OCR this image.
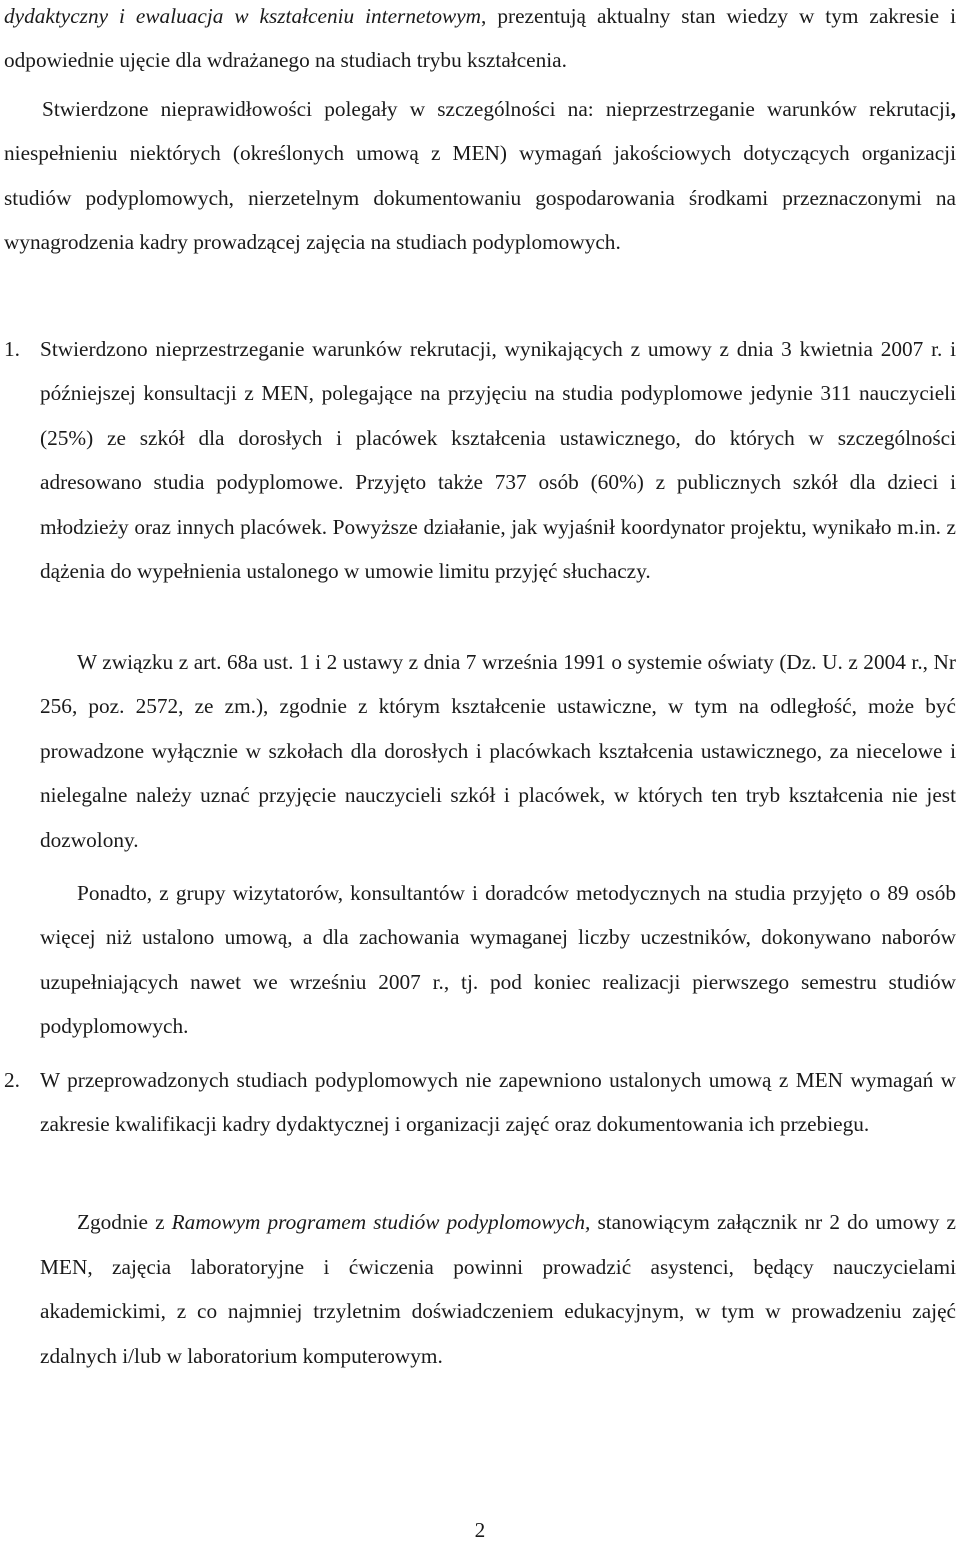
dydaktyczny i ewaluacja w kształceniu internetowym, prezentują aktualny stan wiedzy w tym zakresie i odpowiednie ujęcie dla wdrażanego na studiach trybu kształcenia.

Stwierdzone nieprawidłowości polegały w szczególności na: nieprzestrzeganie warunków rekrutacji, niespełnieniu niektórych (określonych umową z MEN) wymagań jakościowych dotyczących organizacji studiów podyplomowych, nierzetelnym dokumentowaniu gospodarowania środkami przeznaczonymi na wynagrodzenia kadry prowadzącej zajęcia na studiach podyplomowych.

1. Stwierdzono nieprzestrzeganie warunków rekrutacji, wynikających z umowy z dnia 3 kwietnia 2007 r. i późniejszej konsultacji z MEN, polegające na przyjęciu na studia podyplomowe jedynie 311 nauczycieli (25%) ze szkół dla dorosłych i placówek kształcenia ustawicznego, do których w szczególności adresowano studia podyplomowe. Przyjęto także 737 osób (60%) z publicznych szkół dla dzieci i młodzieży oraz innych placówek. Powyższe działanie, jak wyjaśnił koordynator projektu, wynikało m.in. z dążenia do wypełnienia ustalonego w umowie limitu przyjęć słuchaczy.

W związku z art. 68a ust. 1 i 2 ustawy z dnia 7 września 1991 o systemie oświaty (Dz. U. z 2004 r., Nr 256, poz. 2572, ze zm.), zgodnie z którym kształcenie ustawiczne, w tym na odległość, może być prowadzone wyłącznie w szkołach dla dorosłych i placówkach kształcenia ustawicznego, za niecelowe i nielegalne należy uznać przyjęcie nauczycieli szkół i placówek, w których ten tryb kształcenia nie jest dozwolony.

Ponadto, z grupy wizytatorów, konsultantów i doradców metodycznych na studia przyjęto o 89 osób więcej niż ustalono umową, a dla zachowania wymaganej liczby uczestników, dokonywano naborów uzupełniających nawet we wrześniu 2007 r., tj. pod koniec realizacji pierwszego semestru studiów podyplomowych.

2. W przeprowadzonych studiach podyplomowych nie zapewniono ustalonych umową z MEN wymagań w zakresie kwalifikacji kadry dydaktycznej i organizacji zajęć oraz dokumentowania ich przebiegu.

Zgodnie z Ramowym programem studiów podyplomowych, stanowiącym załącznik nr 2 do umowy z MEN, zajęcia laboratoryjne i ćwiczenia powinni prowadzić asystenci, będący nauczycielami akademickimi, z co najmniej trzyletnim doświadczeniem edukacyjnym, w tym w prowadzeniu zajęć zdalnych i/lub w laboratorium komputerowym.

2
